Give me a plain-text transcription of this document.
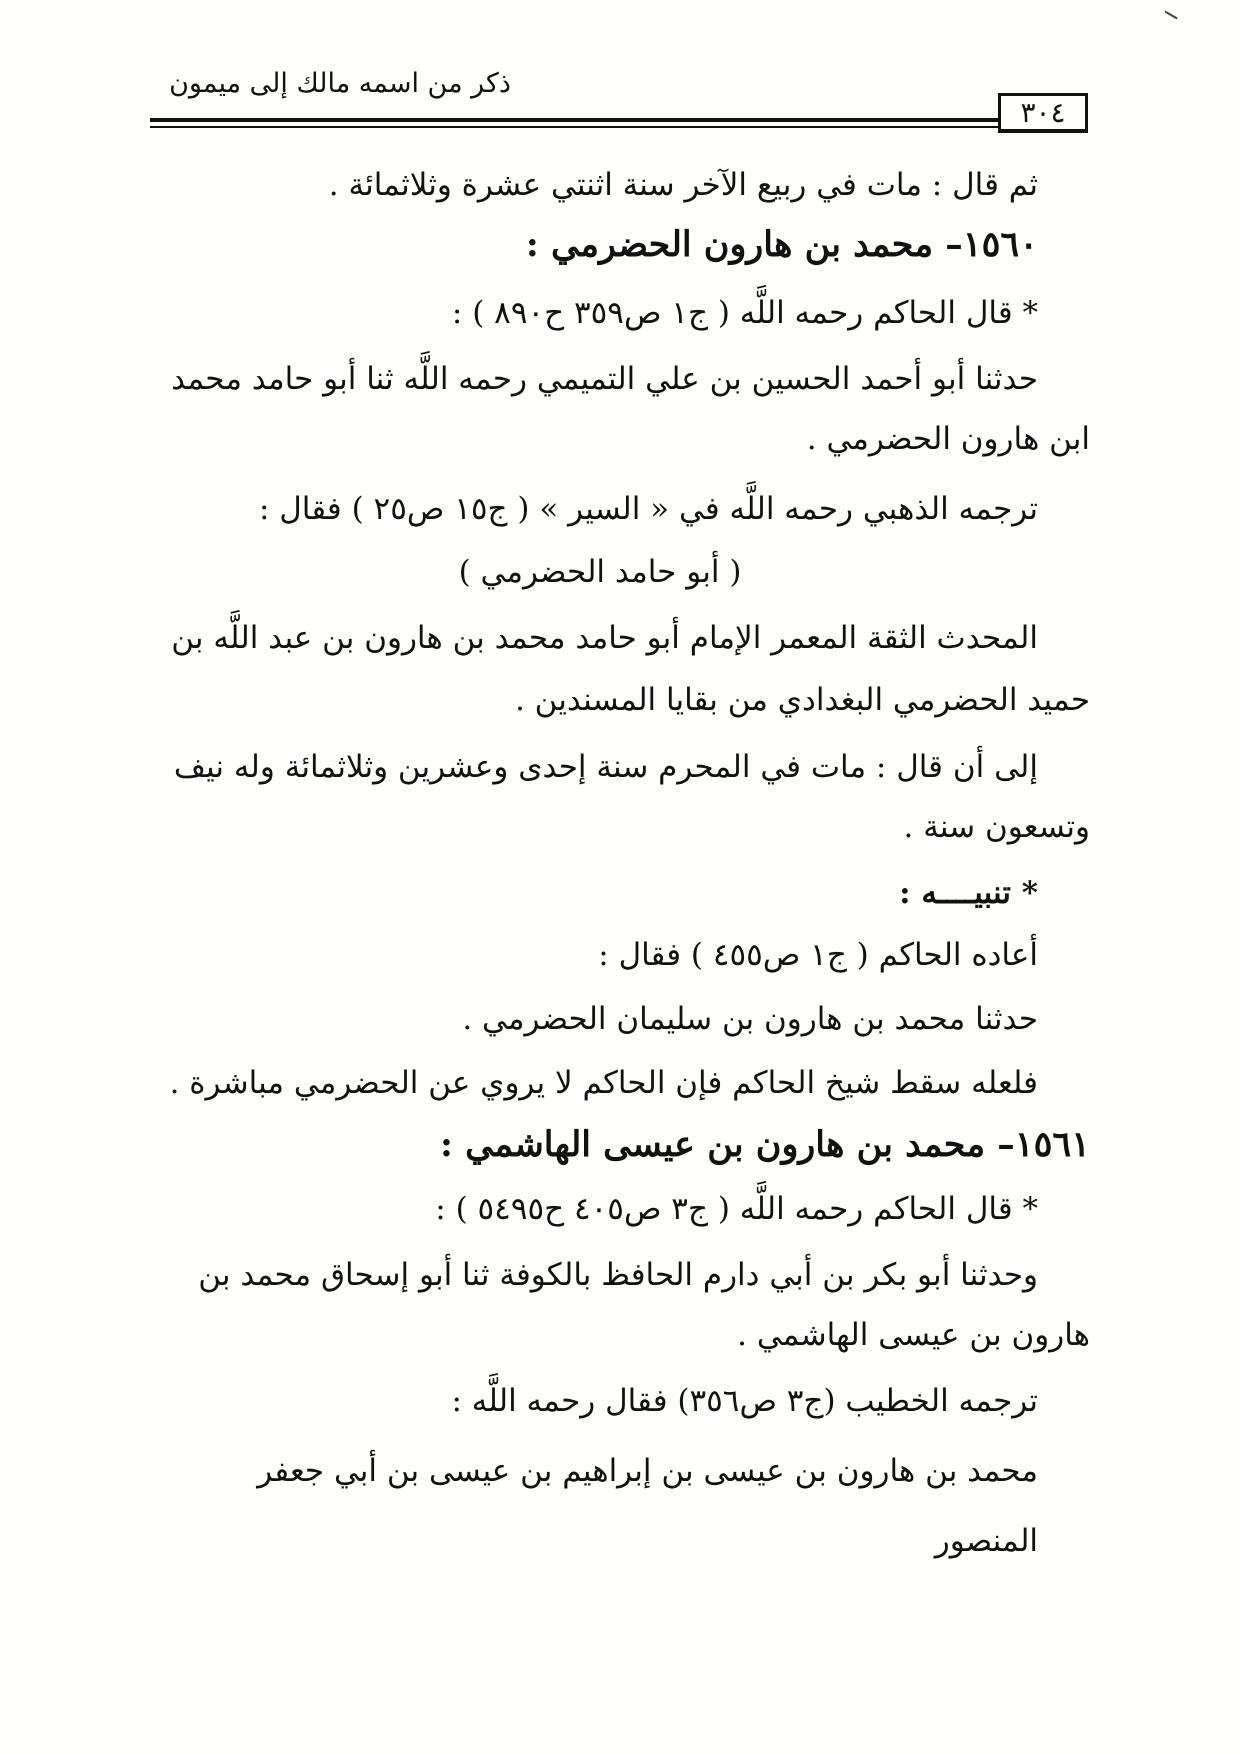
ذكر من اسمه مالك إلى ميمون
٣٠٤

ثم قال : مات في ربيع الآخر سنة اثنتي عشرة وثلاثمائة .

١٥٦٠– محمد بن هارون الحضرمي :

* قال الحاكم رحمه اللَّه ( ج١ ص٣٥٩ ح٨٩٠ ) :

حدثنا أبو أحمد الحسين بن علي التميمي رحمه اللَّه ثنا أبو حامد محمد

ابن هارون الحضرمي .

ترجمه الذهبي رحمه اللَّه في « السير » ( ج١٥ ص٢٥ ) فقال :

( أبو حامد الحضرمي )

المحدث الثقة المعمر الإمام أبو حامد محمد بن هارون بن عبد اللَّه بن

حميد الحضرمي البغدادي من بقايا المسندين .

إلى أن قال : مات في المحرم سنة إحدى وعشرين وثلاثمائة وله نيف

وتسعون سنة .

* تنبيــــه :

أعاده الحاكم ( ج١ ص٤٥٥ ) فقال :

حدثنا محمد بن هارون بن سليمان الحضرمي .

فلعله سقط شيخ الحاكم فإن الحاكم لا يروي عن الحضرمي مباشرة .

١٥٦١– محمد بن هارون بن عيسى الهاشمي :

* قال الحاكم رحمه اللَّه ( ج٣ ص٤٠٥ ح٥٤٩٥ ) :

وحدثنا أبو بكر بن أبي دارم الحافظ بالكوفة ثنا أبو إسحاق محمد بن

هارون بن عيسى الهاشمي .

ترجمه الخطيب (ج٣ ص٣٥٦) فقال رحمه اللَّه :

محمد بن هارون بن عيسى بن إبراهيم بن عيسى بن أبي جعفر المنصور
